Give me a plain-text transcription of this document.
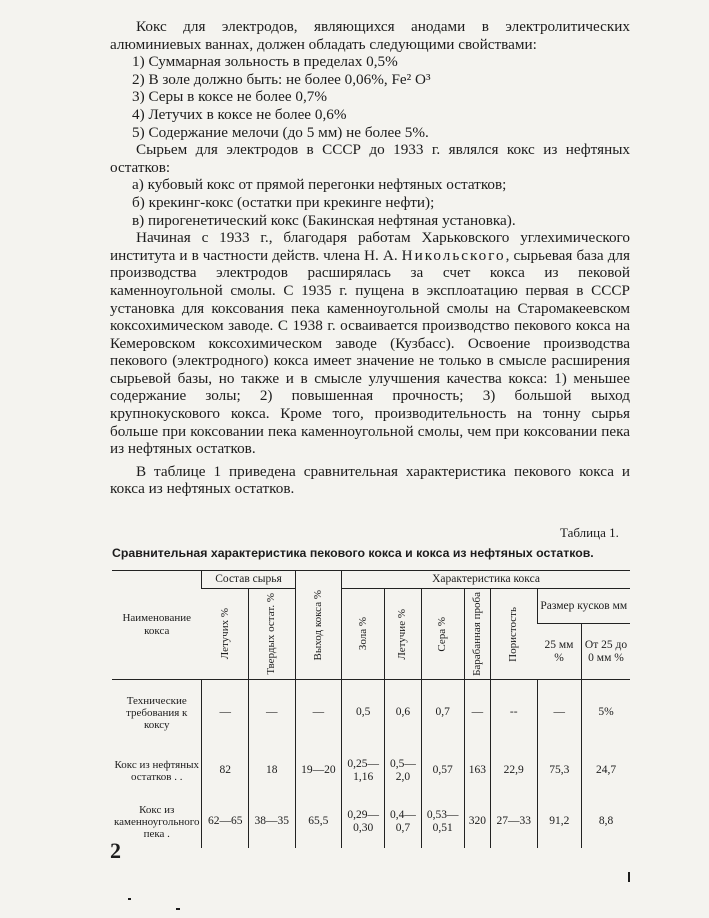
Кокс для электродов, являющихся анодами в электролитических алюминиевых ваннах, должен обладать следующими свойствами:

1) Суммарная зольность в пределах 0,5%
2) В золе должно быть: не более 0,06%, Fe² O³
3) Серы в коксе не более 0,7%
4) Летучих в коксе не более 0,6%
5) Содержание мелочи (до 5 мм) не более 5%.

Сырьем для электродов в СССР до 1933 г. являлся кокс из нефтяных остатков:

а) кубовый кокс от прямой перегонки нефтяных остатков;
б) крекинг-кокс (остатки при крекинге нефти);
в) пирогенетический кокс (Бакинская нефтяная установка).

Начиная с 1933 г., благодаря работам Харьковского углехимического института и в частности действ. члена Н. А. Никольского, сырьевая база для производства электродов расширялась за счет кокса из пековой каменноугольной смолы. С 1935 г. пущена в эксплоатацию первая в СССР установка для коксования пека каменноугольной смолы на Старомакеевском коксохимическом заводе. С 1938 г. осваивается производство пекового кокса на Кемеровском коксохимическом заводе (Кузбасс). Освоение производства пекового (электродного) кокса имеет значение не только в смысле расширения сырьевой базы, но также и в смысле улучшения качества кокса: 1) меньшее содержание золы; 2) повышенная прочность; 3) большой выход крупнокускового кокса. Кроме того, производительность на тонну сырья больше при коксовании пека каменноугольной смолы, чем при коксовании пека из нефтяных остатков.

В таблице 1 приведена сравнительная характеристика пекового кокса и кокса из нефтяных остатков.

Таблица 1.
Сравнительная характеристика пекового кокса и кокса из нефтяных остатков.
Наименование кокса	Состав сырья		Выход кокса %	Характеристика кокса						

	Летучих %	Твердых остат. %		Зола %	Летучие %	Сера %	Барабанная проба	Пористость	Размер кусков мм	
									25 мм %	От 25 до 0 мм %
Технические требования к коксу	—	—	—	0,5	0,6	0,7	—	--	—	5%
Кокс из нефтяных остатков . .	82	18	19—20	0,25—
1,16	0,5—
2,0	0,57	163	22,9	75,3	24,7
Кокс из каменноугольного пека .	62—65	38—35	65,5	0,29—
0,30	0,4—
0,7	0,53—
0,51	320	27—33	91,2	8,8
2
